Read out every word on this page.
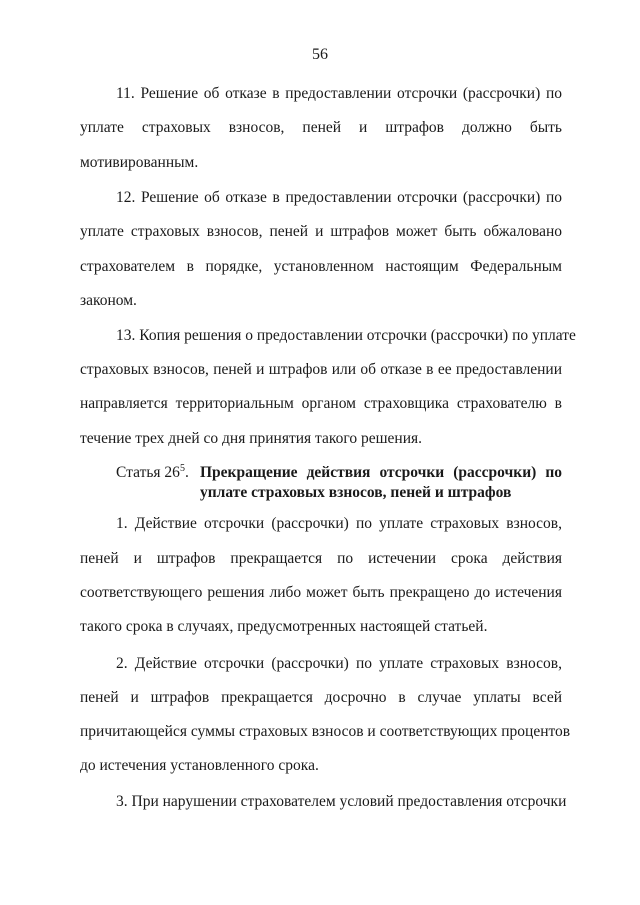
56
11. Решение об отказе в предоставлении отсрочки (рассрочки) по
уплате страховых взносов, пеней и штрафов должно быть
мотивированным.
12. Решение об отказе в предоставлении отсрочки (рассрочки) по
уплате страховых взносов, пеней и штрафов может быть обжаловано
страхователем в порядке, установленном настоящим Федеральным
законом.
13. Копия решения о предоставлении отсрочки (рассрочки) по уплате
страховых взносов, пеней и штрафов или об отказе в ее предоставлении
направляется территориальным органом страховщика страхователю в
течение трех дней со дня принятия такого решения.
Статья $26^5$. Прекращение действия отсрочки (рассрочки) по
уплате страховых взносов, пеней и штрафов
1. Действие отсрочки (рассрочки) по уплате страховых взносов,
пеней и штрафов прекращается по истечении срока действия
соответствующего решения либо может быть прекращено до истечения
такого срока в случаях, предусмотренных настоящей статьей.
2. Действие отсрочки (рассрочки) по уплате страховых взносов,
пеней и штрафов прекращается досрочно в случае уплаты всей
причитающейся суммы страховых взносов и соответствующих процентов
до истечения установленного срока.
3. При нарушении страхователем условий предоставления отсрочки
